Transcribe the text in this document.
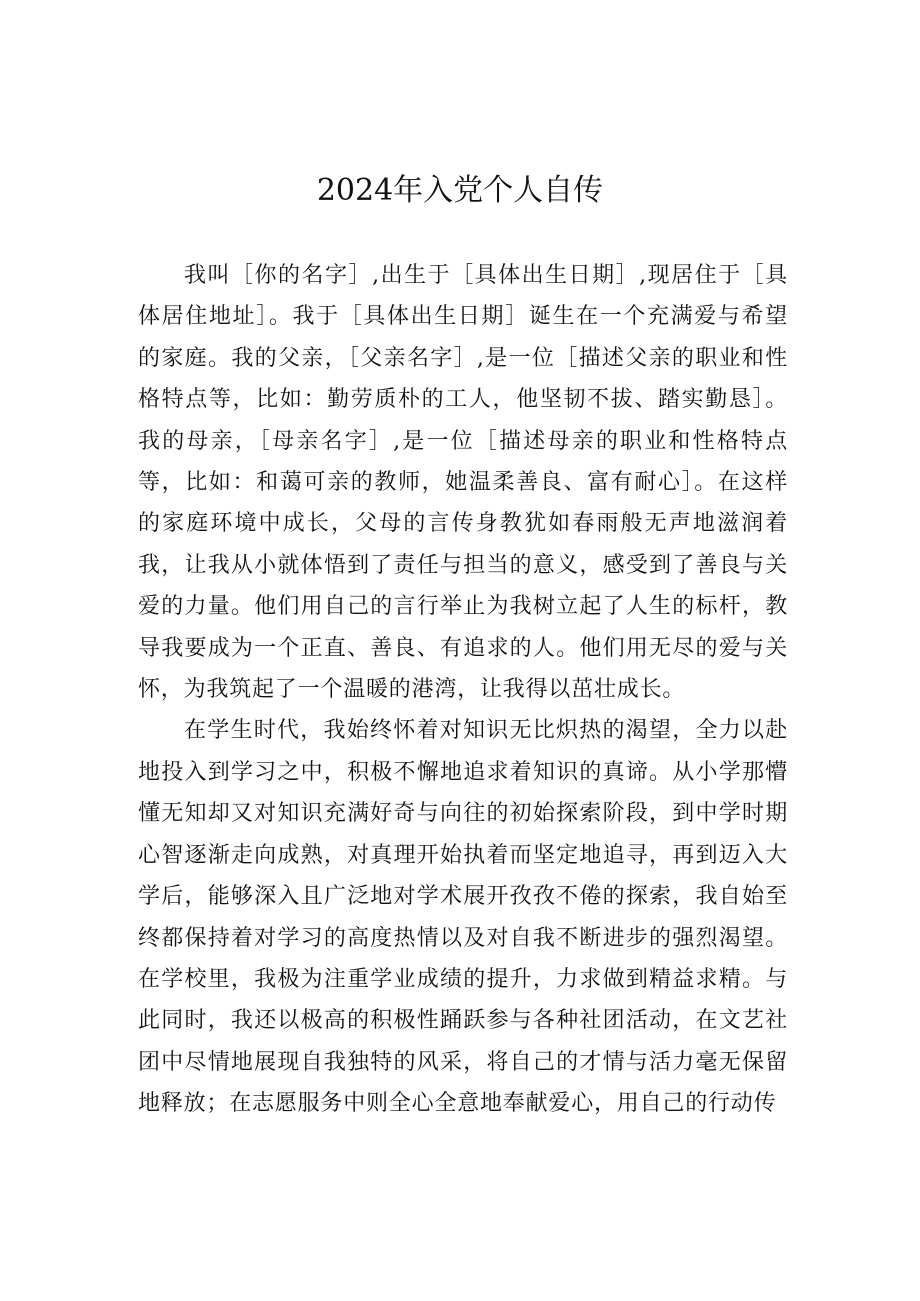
2024年入党个人自传

我叫［你的名字］,出生于［具体出生日期］,现居住于［具体居住地址］。我于［具体出生日期］诞生在一个充满爱与希望的家庭。我的父亲，［父亲名字］,是一位［描述父亲的职业和性格特点等，比如：勤劳质朴的工人，他坚韧不拔、踏实勤恳］。我的母亲，［母亲名字］,是一位［描述母亲的职业和性格特点等，比如：和蔼可亲的教师，她温柔善良、富有耐心］。在这样的家庭环境中成长，父母的言传身教犹如春雨般无声地滋润着我，让我从小就体悟到了责任与担当的意义，感受到了善良与关爱的力量。他们用自己的言行举止为我树立起了人生的标杆，教导我要成为一个正直、善良、有追求的人。他们用无尽的爱与关怀，为我筑起了一个温暖的港湾，让我得以茁壮成长。

在学生时代，我始终怀着对知识无比炽热的渴望，全力以赴地投入到学习之中，积极不懈地追求着知识的真谛。从小学那懵懂无知却又对知识充满好奇与向往的初始探索阶段，到中学时期心智逐渐走向成熟，对真理开始执着而坚定地追寻，再到迈入大学后，能够深入且广泛地对学术展开孜孜不倦的探索，我自始至终都保持着对学习的高度热情以及对自我不断进步的强烈渴望。在学校里，我极为注重学业成绩的提升，力求做到精益求精。与此同时，我还以极高的积极性踊跃参与各种社团活动，在文艺社团中尽情地展现自我独特的风采，将自己的才情与活力毫无保留地释放；在志愿服务中则全心全意地奉献爱心，用自己的行动传
